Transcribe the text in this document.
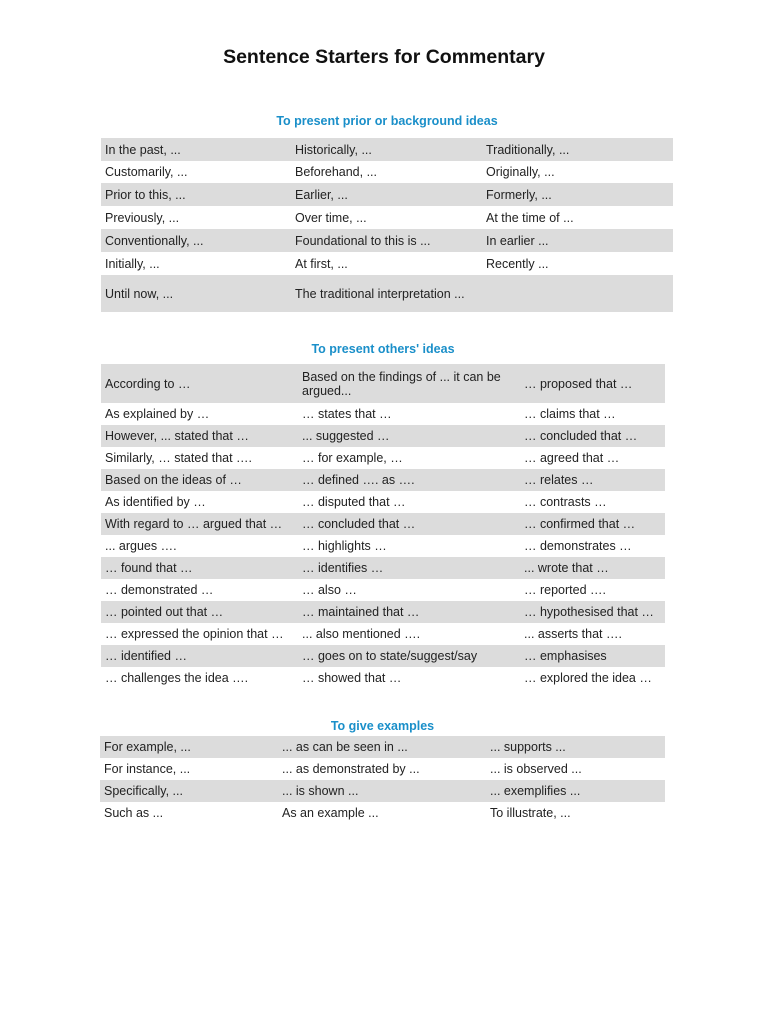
Sentence Starters for Commentary
To present prior or background ideas
In the past, ...	Historically, ...	Traditionally, ...
Customarily, ...	Beforehand, ...	Originally, ...
Prior to this, ...	Earlier, ...	Formerly, ...
Previously, ...	Over time, ...	At the time of ...
Conventionally, ...	Foundational to this is ...	In earlier ...
Initially, ...	At first, ...	Recently ...
Until now, ...	The traditional interpretation ...	
To present others' ideas
According to …	Based on the findings of ... it can be argued...	… proposed that …
As explained by …	… states that …	… claims that …
However, ... stated that …	... suggested …	… concluded that …
Similarly, … stated that ….	… for example, …	… agreed that …
Based on the ideas of …	… defined …. as ….	… relates …
As identified by …	… disputed that …	… contrasts …
With regard to … argued that …	… concluded that …	… confirmed that …
... argues ….	… highlights …	… demonstrates …
… found that …	… identifies …	... wrote that …
… demonstrated …	… also …	… reported ….
… pointed out that …	… maintained that …	… hypothesised that …
… expressed the opinion that …	... also mentioned ….	... asserts that ….
… identified …	… goes on to state/suggest/say	… emphasises
… challenges the idea ….	… showed that …	… explored the idea …
To give examples
For example, ...	... as can be seen in ...	... supports ...
For instance, ...	... as demonstrated by ...	... is observed ...
Specifically, ...	... is shown ...	... exemplifies ...
Such as ...	As an example ...	To illustrate, ...
